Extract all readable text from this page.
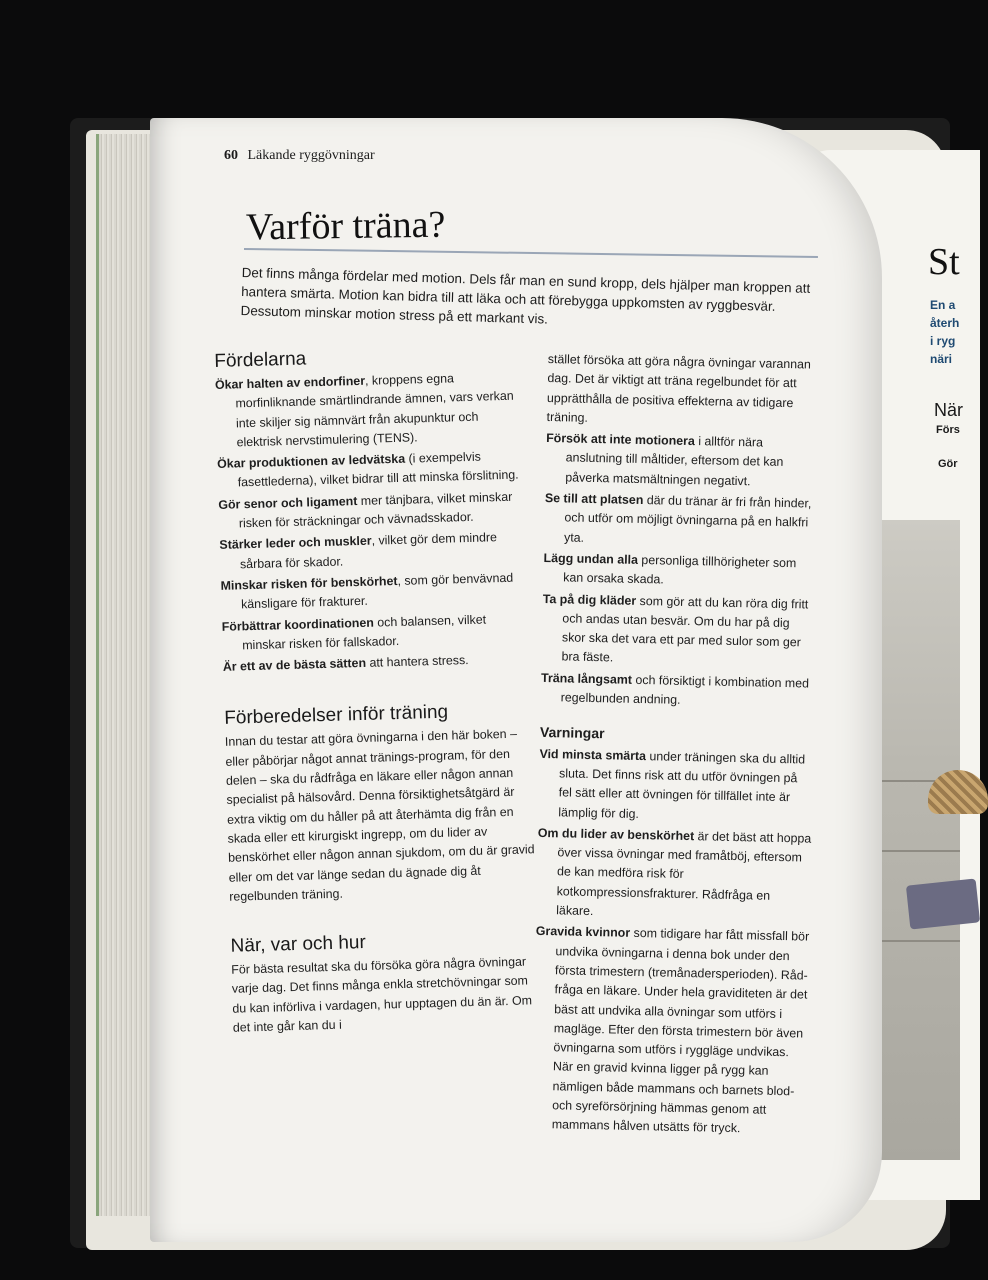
St
En a
återh
i ryg
näri
När
Förs
Gör
60 Läkande ryggövningar
Varför träna?
Det finns många fördelar med motion. Dels får man en sund kropp, dels hjälper man kroppen att hantera smärta. Motion kan bidra till att läka och att förebygga uppkomsten av ryggbesvär. Dessutom minskar motion stress på ett markant vis.
Fördelarna
Ökar halten av endorfiner, kroppens egna morfinliknande smärtlindrande ämnen, vars verkan inte skiljer sig nämnvärt från akupunktur och elektrisk nervstimulering (TENS).
Ökar produktionen av ledvätska (i exempelvis fasettlederna), vilket bidrar till att minska förslitning.
Gör senor och ligament mer tänjbara, vilket minskar risken för sträckningar och vävnadsskador.
Stärker leder och muskler, vilket gör dem mindre sårbara för skador.
Minskar risken för benskörhet, som gör benvävnad känsligare för frakturer.
Förbättrar koordinationen och balansen, vilket minskar risken för fallskador.
Är ett av de bästa sätten att hantera stress.
Förberedelser inför träning

Innan du testar att göra övningarna i den här boken – eller påbörjar något annat tränings-program, för den delen – ska du rådfråga en läkare eller någon annan specialist på hälsovård. Denna försiktighetsåtgärd är extra viktig om du håller på att återhämta dig från en skada eller ett kirurgiskt ingrepp, om du lider av benskörhet eller någon annan sjukdom, om du är gravid eller om det var länge sedan du ägnade dig åt regelbunden träning.

När, var och hur

För bästa resultat ska du försöka göra några övningar varje dag. Det finns många enkla stretchövningar som du kan införliva i vardagen, hur upptagen du än är. Om det inte går kan du i

stället försöka att göra några övningar varannan dag. Det är viktigt att träna regelbundet för att upprätthålla de positiva effekterna av tidigare träning.

Försök att inte motionera i alltför nära anslutning till måltider, eftersom det kan påverka matsmältningen negativt.
Se till att platsen där du tränar är fri från hinder, och utför om möjligt övningarna på en halkfri yta.
Lägg undan alla personliga tillhörigheter som kan orsaka skada.
Ta på dig kläder som gör att du kan röra dig fritt och andas utan besvär. Om du har på dig skor ska det vara ett par med sulor som ger bra fäste.
Träna långsamt och försiktigt i kombination med regelbunden andning.
Varningar
Vid minsta smärta under träningen ska du alltid sluta. Det finns risk att du utför övningen på fel sätt eller att övningen för tillfället inte är lämplig för dig.
Om du lider av benskörhet är det bäst att hoppa över vissa övningar med framåtböj, eftersom de kan medföra risk för kotkompressionsfrakturer. Rådfråga en läkare.
Gravida kvinnor som tidigare har fått missfall bör undvika övningarna i denna bok under den första trimestern (tremånadersperioden). Råd-fråga en läkare. Under hela graviditeten är det bäst att undvika alla övningar som utförs i magläge. Efter den första trimestern bör även övningarna som utförs i ryggläge undvikas. När en gravid kvinna ligger på rygg kan nämligen både mammans och barnets blod- och syreförsörjning hämmas genom att mammans hålven utsätts för tryck.
